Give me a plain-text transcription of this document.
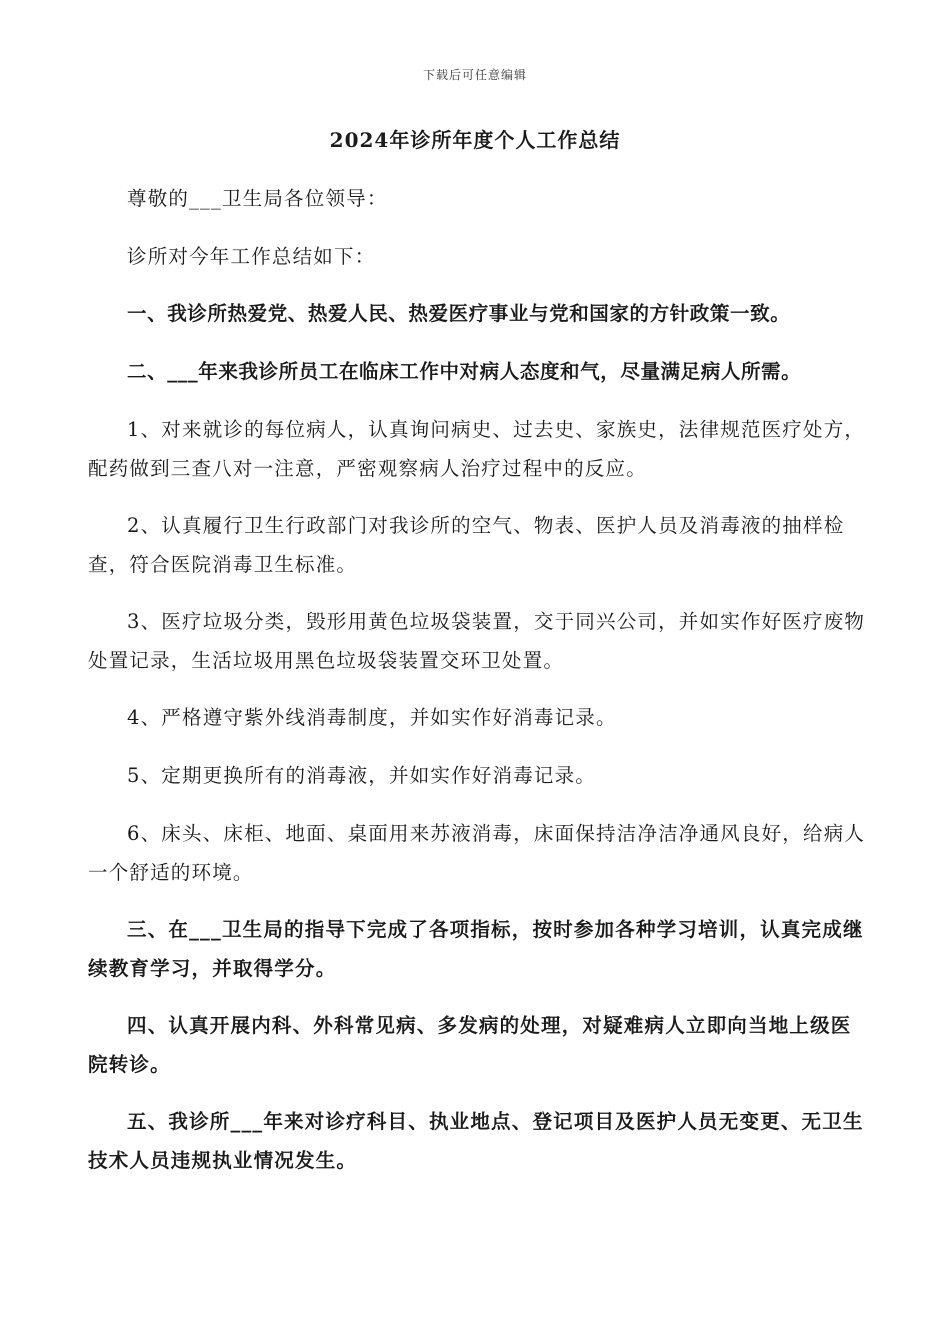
下载后可任意编辑
2024年诊所年度个人工作总结

尊敬的___卫生局各位领导：

诊所对今年工作总结如下：

一、我诊所热爱党、热爱人民、热爱医疗事业与党和国家的方针政策一致。

二、___年来我诊所员工在临床工作中对病人态度和气，尽量满足病人所需。

1、对来就诊的每位病人，认真询问病史、过去史、家族史，法律规范医疗处方，配药做到三查八对一注意，严密观察病人治疗过程中的反应。

2、认真履行卫生行政部门对我诊所的空气、物表、医护人员及消毒液的抽样检查，符合医院消毒卫生标准。

3、医疗垃圾分类，毁形用黄色垃圾袋装置，交于同兴公司，并如实作好医疗废物处置记录，生活垃圾用黑色垃圾袋装置交环卫处置。

4、严格遵守紫外线消毒制度，并如实作好消毒记录。

5、定期更换所有的消毒液，并如实作好消毒记录。

6、床头、床柜、地面、桌面用来苏液消毒，床面保持洁净洁净通风良好，给病人一个舒适的环境。

三、在___卫生局的指导下完成了各项指标，按时参加各种学习培训，认真完成继续教育学习，并取得学分。

四、认真开展内科、外科常见病、多发病的处理，对疑难病人立即向当地上级医院转诊。

五、我诊所___年来对诊疗科目、执业地点、登记项目及医护人员无变更、无卫生技术人员违规执业情况发生。
